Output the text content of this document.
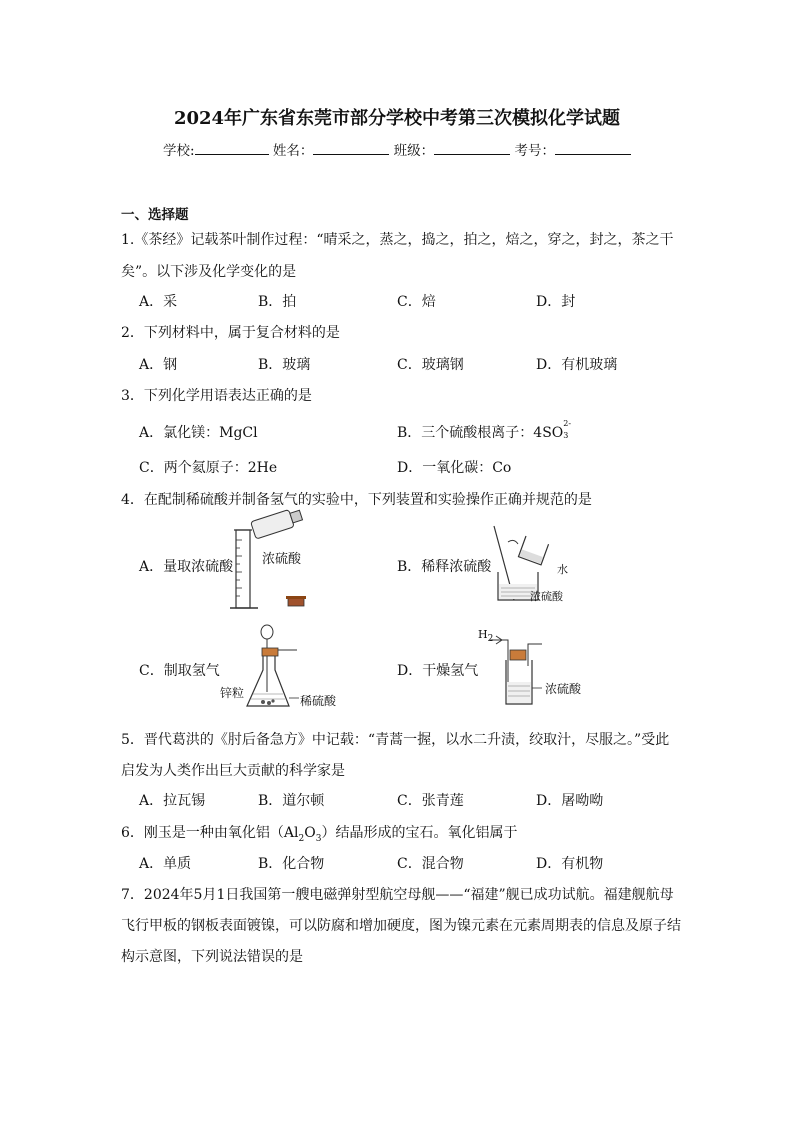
2024年广东省东莞市部分学校中考第三次模拟化学试题
学校:	姓名：	班级：	考号：
一、选择题
1.《茶经》记载茶叶制作过程：“晴采之，蒸之，捣之，拍之，焙之，穿之，封之，茶之干
矣”。以下涉及化学变化的是
A．采	B．拍	C．焙	D．封
2．下列材料中，属于复合材料的是
A．钢	B．玻璃	C．玻璃钢	D．有机玻璃
3．下列化学用语表达正确的是
A．氯化镁：MgCl	B．三个硫酸根离子：4SO
2-
3
C．两个氦原子：2He	D．一氧化碳：Co
4．在配制稀硫酸并制备氢气的实验中，下列装置和实验操作正确并规范的是
A．量取浓硫酸	B．稀释浓硫酸
C．制取氢气	D．干燥氢气
浓硫酸
水
浓硫酸
锌粒
稀硫酸
$H_2$
浓硫酸
5．晋代葛洪的《肘后备急方》中记载：“青蒿一握，以水二升渍，绞取汁，尽服之。”受此
启发为人类作出巨大贡献的科学家是
A．拉瓦锡	B．道尔顿	C．张青莲	D．屠呦呦
6．刚玉是一种由氧化铝$(Al_2O_3)$结晶形成的宝石。氧化铝属于
A．单质	B．化合物	C．混合物	D．有机物
7．2024年5月1日我国第一艘电磁弹射型航空母舰——“福建”舰已成功试航。福建舰航母
飞行甲板的钢板表面镀镍，可以防腐和增加硬度，图为镍元素在元素周期表的信息及原子结
构示意图，下列说法错误的是
